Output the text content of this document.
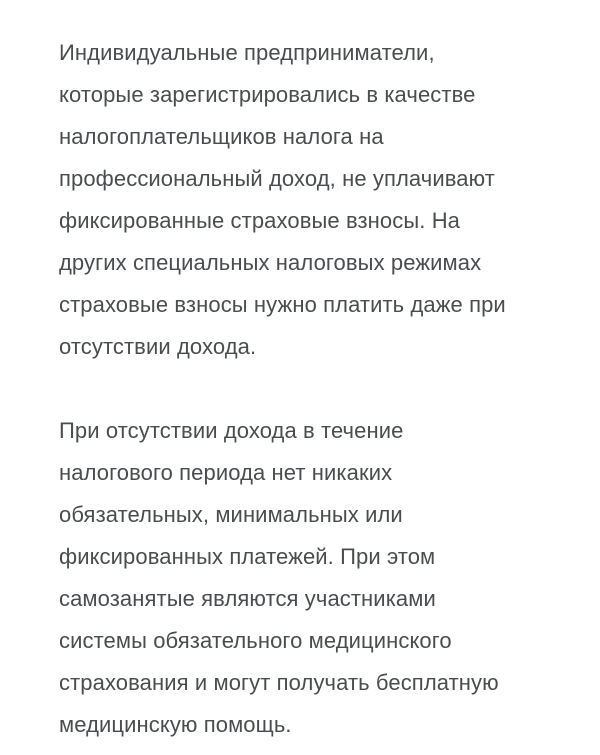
Индивидуальные предприниматели,
которые зарегистрировались в качестве
налогоплательщиков налога на
профессиональный доход, не уплачивают
фиксированные страховые взносы. На
других специальных налоговых режимах
страховые взносы нужно платить даже при
отсутствии дохода.
При отсутствии дохода в течение
налогового периода нет никаких
обязательных, минимальных или
фиксированных платежей. При этом
самозанятые являются участниками
системы обязательного медицинского
страхования и могут получать бесплатную
медицинскую помощь.
